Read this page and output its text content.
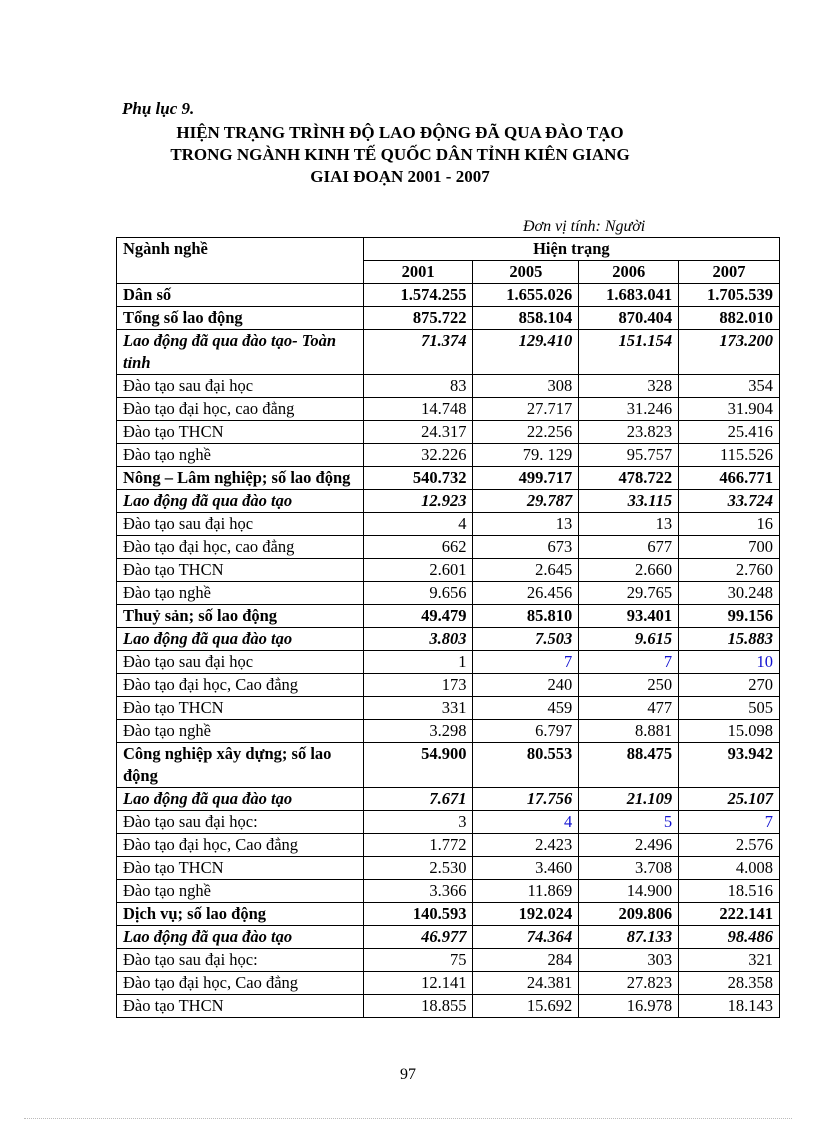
Phụ lục 9.
HIỆN TRẠNG TRÌNH ĐỘ LAO ĐỘNG ĐÃ QUA ĐÀO TẠO
TRONG NGÀNH KINH TẾ QUỐC DÂN TỈNH KIÊN GIANG
GIAI ĐOẠN 2001 - 2007
Đơn vị tính: Người
Ngành nghề	Hiện trạng			
	2001	2005	2006	2007
Dân số	1.574.255	1.655.026	1.683.041	1.705.539
Tổng số lao động	875.722	858.104	870.404	882.010
Lao động đã qua đào tạo- Toàn tỉnh	71.374	129.410	151.154	173.200
Đào tạo sau đại học	83	308	328	354
Đào tạo đại học, cao đẳng	14.748	27.717	31.246	31.904
Đào tạo THCN	24.317	22.256	23.823	25.416
Đào tạo nghề	32.226	79. 129	95.757	115.526
Nông – Lâm nghiệp; số lao động	540.732	499.717	478.722	466.771
Lao động đã qua đào tạo	12.923	29.787	33.115	33.724
Đào tạo sau đại học	4	13	13	16
Đào tạo đại học, cao đẳng	662	673	677	700
Đào tạo THCN	2.601	2.645	2.660	2.760
Đào tạo nghề	9.656	26.456	29.765	30.248
Thuỷ sản; số lao động	49.479	85.810	93.401	99.156
Lao động đã qua đào tạo	3.803	7.503	9.615	15.883
Đào tạo sau đại học	1	7	7	10
Đào tạo đại học, Cao đẳng	173	240	250	270
Đào tạo THCN	331	459	477	505
Đào tạo nghề	3.298	6.797	8.881	15.098
Công nghiệp xây dựng; số lao động	54.900	80.553	88.475	93.942
Lao động đã qua đào tạo	7.671	17.756	21.109	25.107
Đào tạo sau đại học:	3	4	5	7
Đào tạo đại học, Cao đẳng	1.772	2.423	2.496	2.576
Đào tạo THCN	2.530	3.460	3.708	4.008
Đào tạo nghề	3.366	11.869	14.900	18.516
Dịch vụ; số lao động	140.593	192.024	209.806	222.141
Lao động đã qua đào tạo	46.977	74.364	87.133	98.486
Đào tạo sau đại học:	75	284	303	321
Đào tạo đại học, Cao đẳng	12.141	24.381	27.823	28.358
Đào tạo THCN	18.855	15.692	16.978	18.143
97
